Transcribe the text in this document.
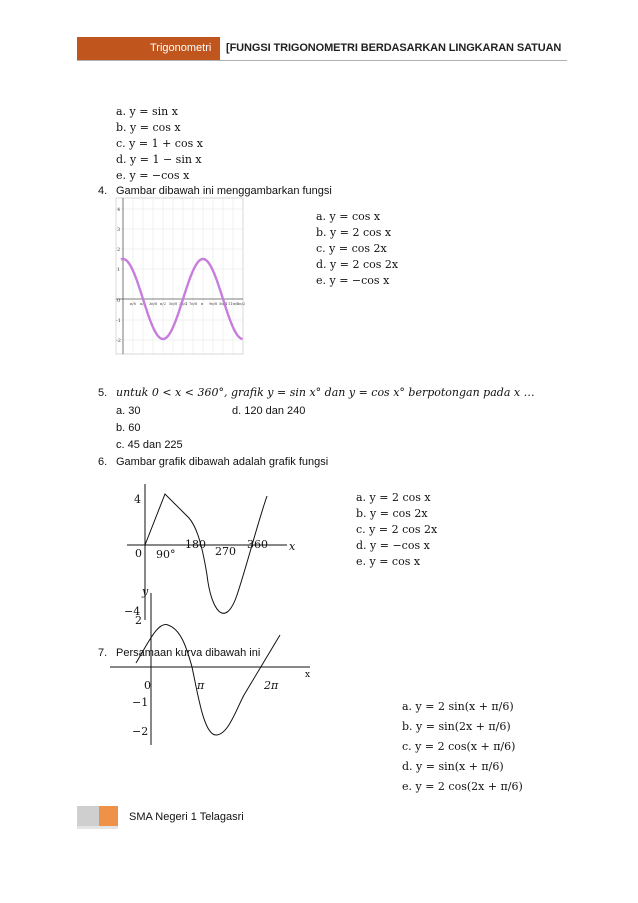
Trigonometri [FUNGSI TRIGONOMETRI BERDASARKAN LINGKARAN SATUAN
a. y = sin x
b. y = cos x
c. y = 1 + cos x
d. y = 1 − sin x
e. y = −cos x
4. Gambar dibawah ini menggambarkan fungsi
4
3
2
1
0
-1
-2
π/8 π/4 3π/8 π/2 5π/8 3π/4 7π/8 π 9π/8 5π/4 11π/8
3π/2
a. y = cos x
b. y = 2 cos x
c. y = cos 2x
d. y = 2 cos 2x
e. y = −cos x
5. untuk 0 < x < 360°, grafik y = sin x° dan y = cos x° berpotongan pada x …
a. 30	d. 120 dan 240
b. 60
c. 45 dan 225
6. Gambar grafik dibawah adalah grafik fungsi
4
−4
0 90°
180
270
360 x
a. y = 2 cos x
b. y = cos 2x
c. y = 2 cos 2x
d. y = −cos x
e. y = cos x
y
2
0
−1
−2
π	2π
x
7. Persamaan kurva dibawah ini
a. y = 2 sin(x + π/6)
b. y = sin(2x + π/6)
c. y = 2 cos(x + π/6)
d. y = sin(x + π/6)
e. y = 2 cos(2x + π/6)
SMA Negeri 1 Telagasri
